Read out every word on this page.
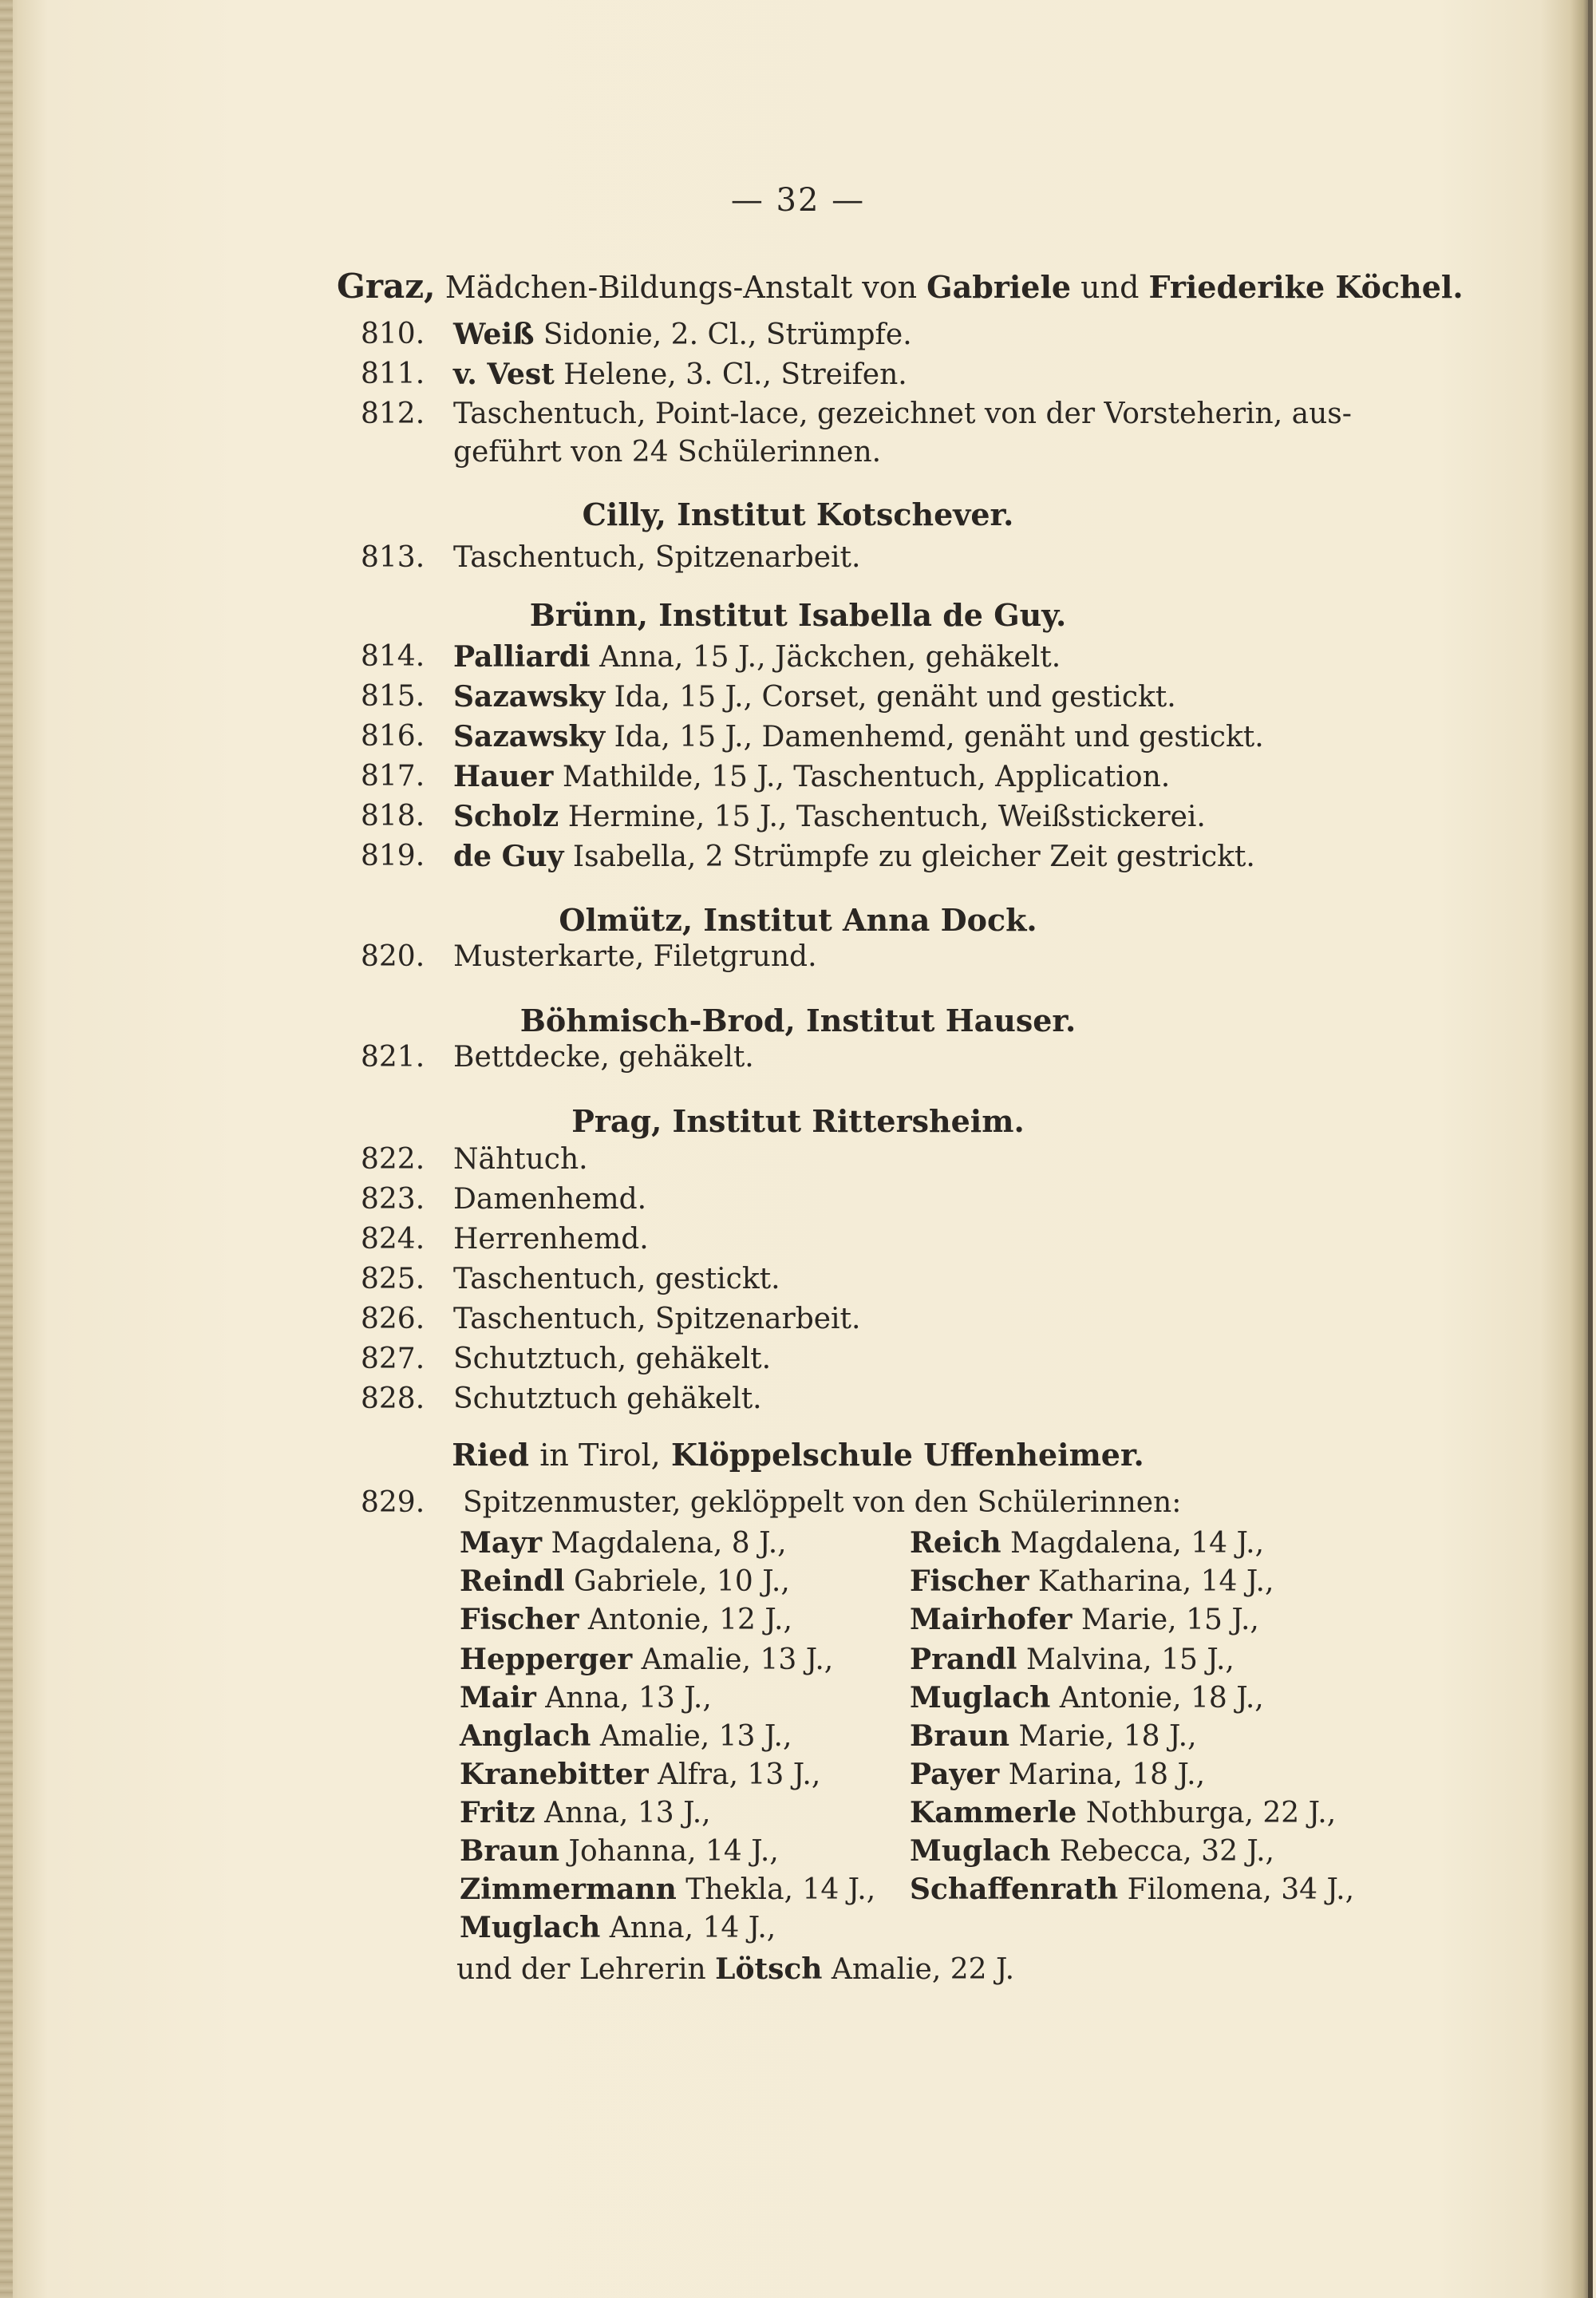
— 32 —
Graz, Mädchen-Bildungs-Anstalt von Gabriele und Friederike Köchel.
810. Weiß Sidonie, 2. Cl., Strümpfe.
811. v. Vest Helene, 3. Cl., Streifen.
812. Taschentuch, Point-lace, gezeichnet von der Vorsteherin, aus-
geführt von 24 Schülerinnen.
Cilly, Institut Kotschever.
813. Taschentuch, Spitzenarbeit.
Brünn, Institut Isabella de Guy.
814. Palliardi Anna, 15 J., Jäckchen, gehäkelt.
815. Sazawsky Ida, 15 J., Corset, genäht und gestickt.
816. Sazawsky Ida, 15 J., Damenhemd, genäht und gestickt.
817. Hauer Mathilde, 15 J., Taschentuch, Application.
818. Scholz Hermine, 15 J., Taschentuch, Weißstickerei.
819. de Guy Isabella, 2 Strümpfe zu gleicher Zeit gestrickt.
Olmütz, Institut Anna Dock.
820. Musterkarte, Filetgrund.
Böhmisch-Brod, Institut Hauser.
821. Bettdecke, gehäkelt.
Prag, Institut Rittersheim.
822. Nähtuch.
823. Damenhemd.
824. Herrenhemd.
825. Taschentuch, gestickt.
826. Taschentuch, Spitzenarbeit.
827. Schutztuch, gehäkelt.
828. Schutztuch gehäkelt.
Ried in Tirol, Klöppelschule Uffenheimer.
829. Spitzenmuster, geklöppelt von den Schülerinnen:
Mayr Magdalena, 8 J.,
Reindl Gabriele, 10 J.,
Fischer Antonie, 12 J.,
Hepperger Amalie, 13 J.,
Mair Anna, 13 J.,
Anglach Amalie, 13 J.,
Kranebitter Alfra, 13 J.,
Fritz Anna, 13 J.,
Braun Johanna, 14 J.,
Zimmermann Thekla, 14 J.,
Muglach Anna, 14 J.,
Reich Magdalena, 14 J.,
Fischer Katharina, 14 J.,
Mairhofer Marie, 15 J.,
Prandl Malvina, 15 J.,
Muglach Antonie, 18 J.,
Braun Marie, 18 J.,
Payer Marina, 18 J.,
Kammerle Nothburga, 22 J.,
Muglach Rebecca, 32 J.,
Schaffenrath Filomena, 34 J.,
und der Lehrerin Lötsch Amalie, 22 J.
